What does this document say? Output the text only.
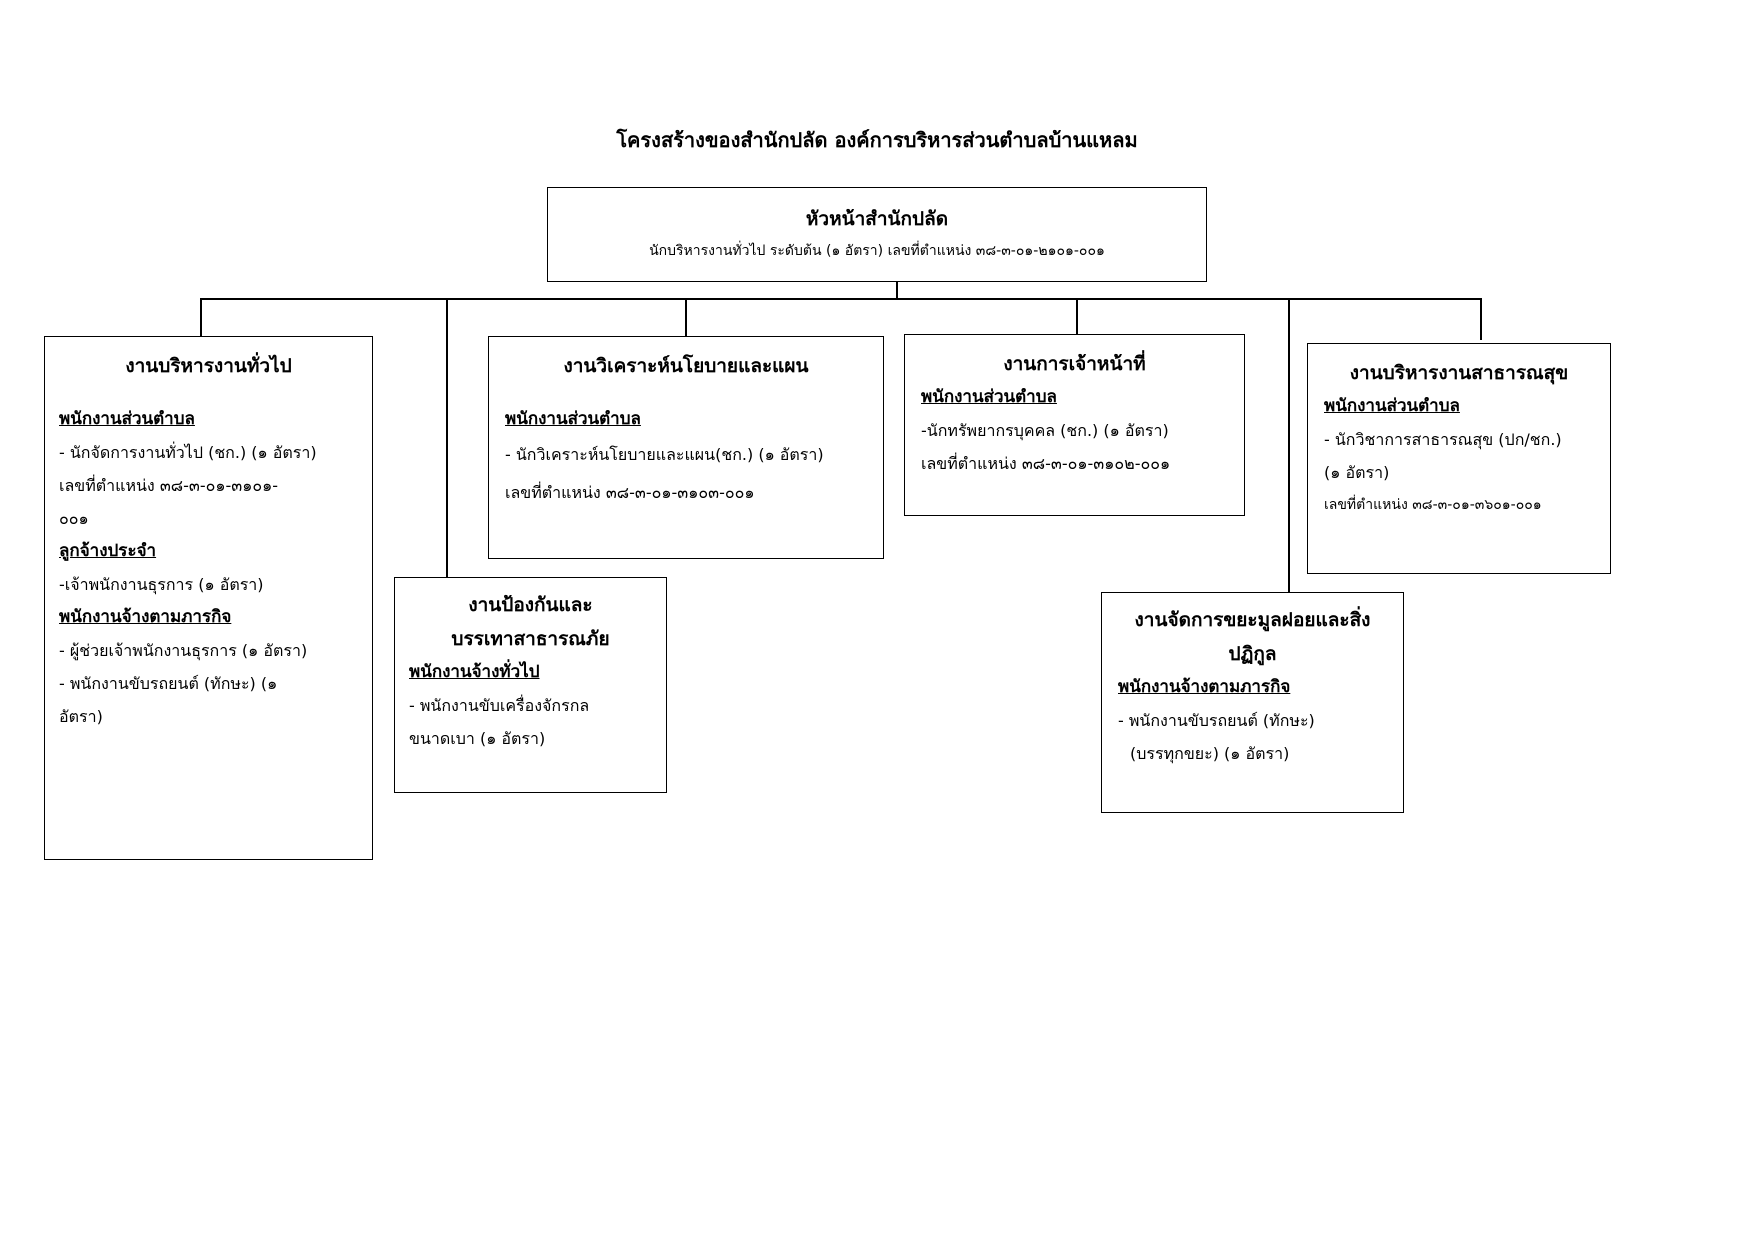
โครงสร้างของสำนักปลัด องค์การบริหารส่วนตำบลบ้านแหลม
หัวหน้าสำนักปลัด
นักบริหารงานทั่วไป ระดับต้น (๑ อัตรา) เลขที่ตำแหน่ง ๓๘-๓-๐๑-๒๑๐๑-๐๐๑
งานบริหารงานทั่วไป
พนักงานส่วนตำบล
- นักจัดการงานทั่วไป (ชก.) (๑ อัตรา)
เลขที่ตำแหน่ง ๓๘-๓-๐๑-๓๑๐๑-
๐๐๑
ลูกจ้างประจำ
-เจ้าพนักงานธุรการ (๑ อัตรา)
พนักงานจ้างตามภารกิจ
- ผู้ช่วยเจ้าพนักงานธุรการ (๑ อัตรา)
- พนักงานขับรถยนต์ (ทักษะ) (๑
อัตรา)
งานป้องกันและ
บรรเทาสาธารณภัย
พนักงานจ้างทั่วไป
- พนักงานขับเครื่องจักรกล
ขนาดเบา (๑ อัตรา)
งานวิเคราะห์นโยบายและแผน
พนักงานส่วนตำบล
- นักวิเคราะห์นโยบายและแผน(ชก.) (๑ อัตรา)
เลขที่ตำแหน่ง ๓๘-๓-๐๑-๓๑๐๓-๐๐๑
งานการเจ้าหน้าที่
พนักงานส่วนตำบล
-นักทรัพยากรบุคคล (ชก.) (๑ อัตรา)
เลขที่ตำแหน่ง ๓๘-๓-๐๑-๓๑๐๒-๐๐๑
งานบริหารงานสาธารณสุข
พนักงานส่วนตำบล
- นักวิชาการสาธารณสุข (ปก/ชก.)
(๑ อัตรา)
เลขที่ตำแหน่ง ๓๘-๓-๐๑-๓๖๐๑-๐๐๑
งานจัดการขยะมูลฝอยและสิ่ง
ปฏิกูล
พนักงานจ้างตามภารกิจ
- พนักงานขับรถยนต์ (ทักษะ)
(บรรทุกขยะ) (๑ อัตรา)
